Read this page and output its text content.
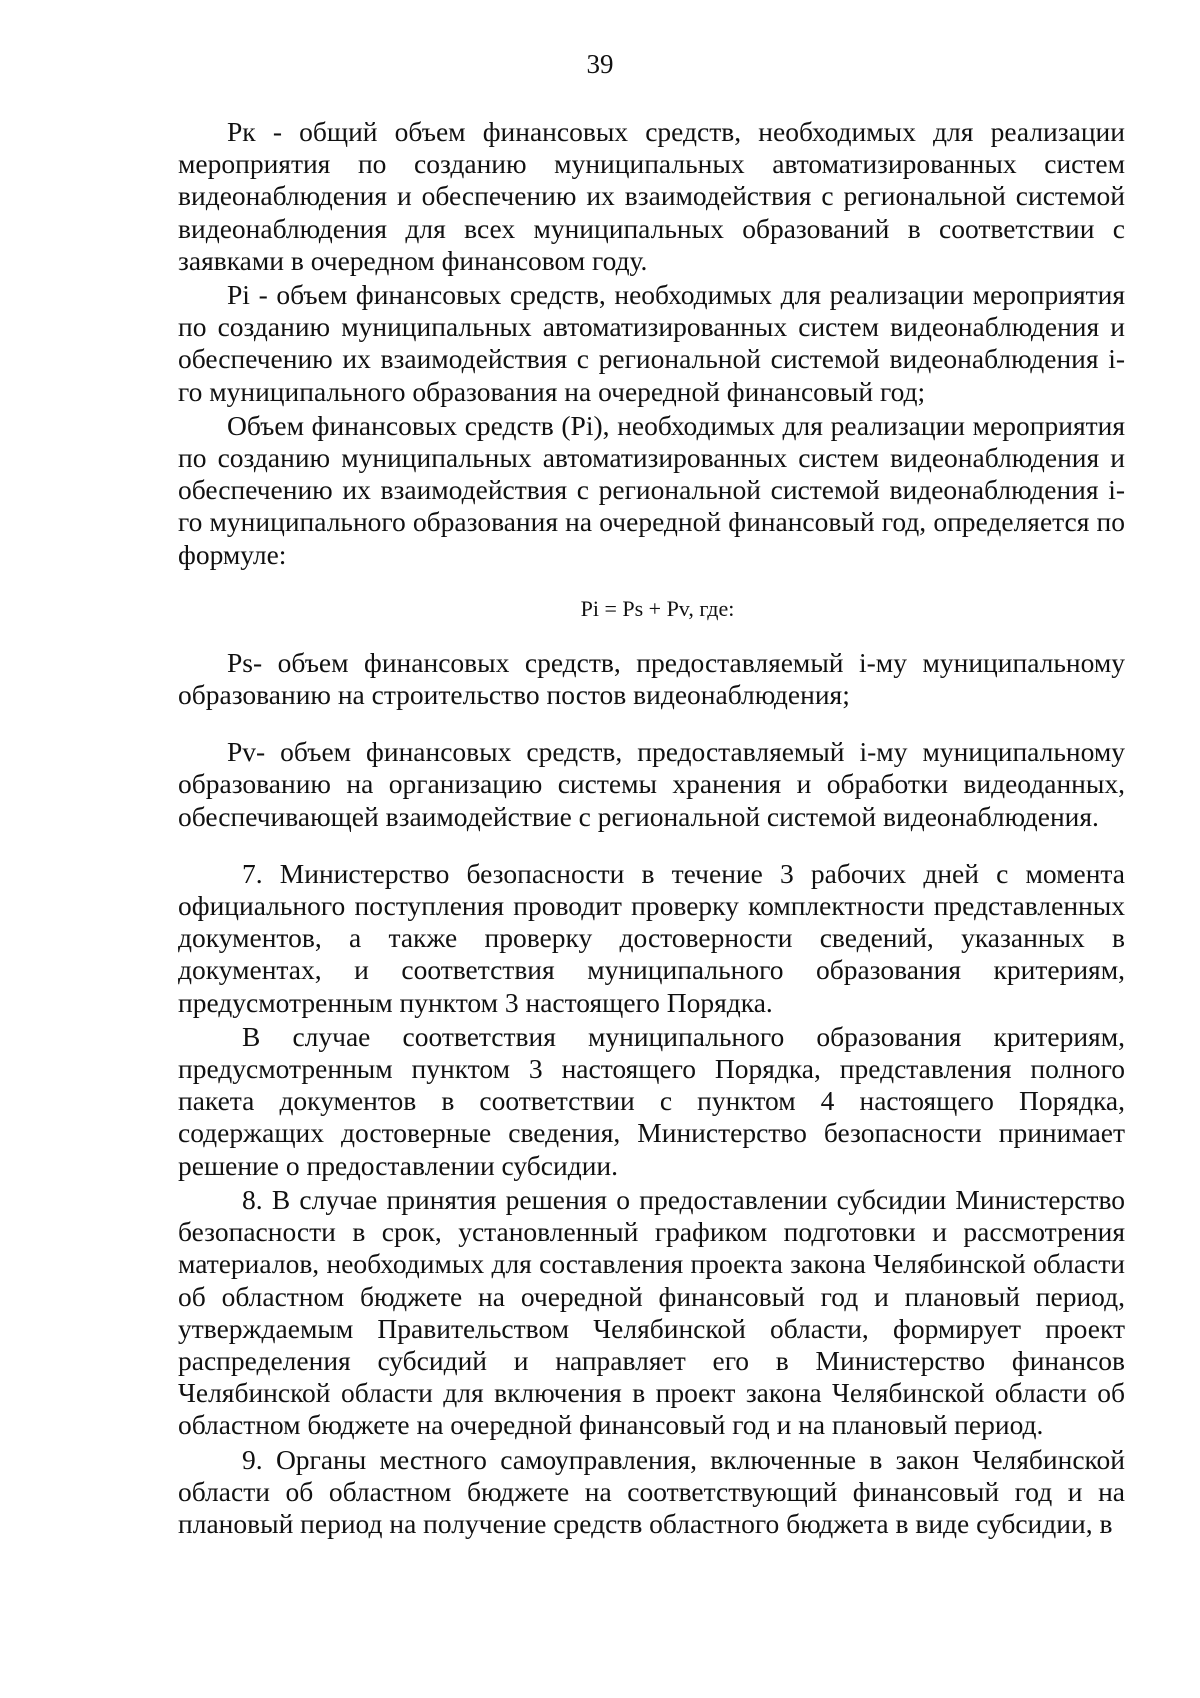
39

Рк - общий объем финансовых средств, необходимых для реализации мероприятия по созданию муниципальных автоматизированных систем видеонаблюдения и обеспечению их взаимодействия с региональной системой видеонаблюдения для всех муниципальных образований в соответствии с заявками в очередном финансовом году.

Pi - объем финансовых средств, необходимых для реализации мероприятия по созданию муниципальных автоматизированных систем видеонаблюдения и обеспечению их взаимодействия с региональной системой видеонаблюдения i-го муниципального образования на очередной финансовый год;

Объем финансовых средств (Pi), необходимых для реализации мероприятия по созданию муниципальных автоматизированных систем видеонаблюдения и обеспечению их взаимодействия с региональной системой видеонаблюдения i-го муниципального образования на очередной финансовый год, определяется по формуле:

Pi = Ps + Pv, где:

Ps- объем финансовых средств, предоставляемый i-му муниципальному образованию на строительство постов видеонаблюдения;

Pv- объем финансовых средств, предоставляемый i-му муниципальному образованию на организацию системы хранения и обработки видеоданных, обеспечивающей взаимодействие с региональной системой видеонаблюдения.

7. Министерство безопасности в течение 3 рабочих дней с момента официального поступления проводит проверку комплектности представленных документов, а также проверку достоверности сведений, указанных в документах, и соответствия муниципального образования критериям, предусмотренным пунктом 3 настоящего Порядка.

В случае соответствия муниципального образования критериям, предусмотренным пунктом 3 настоящего Порядка, представления полного пакета документов в соответствии с пунктом 4 настоящего Порядка, содержащих достоверные сведения, Министерство безопасности принимает решение о предоставлении субсидии.

8. В случае принятия решения о предоставлении субсидии Министерство безопасности в срок, установленный графиком подготовки и рассмотрения материалов, необходимых для составления проекта закона Челябинской области об областном бюджете на очередной финансовый год и плановый период, утверждаемым Правительством Челябинской области, формирует проект распределения субсидий и направляет его в Министерство финансов Челябинской области для включения в проект закона Челябинской области об областном бюджете на очередной финансовый год и на плановый период.

9. Органы местного самоуправления, включенные в закон Челябинской области об областном бюджете на соответствующий финансовый год и на плановый период на получение средств областного бюджета в виде субсидии, в
